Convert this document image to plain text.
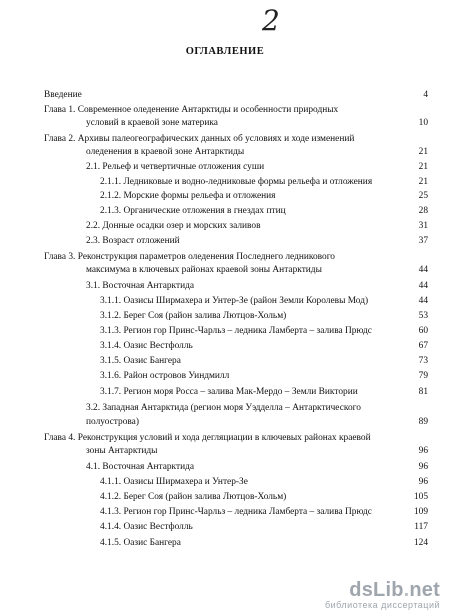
2
ОГЛАВЛЕНИЕ
Введение	4
Глава 1. Современное оледенение Антарктиды и особенности природных
условий в краевой зоне материка	10
Глава 2. Архивы палеогеографических данных об условиях и ходе изменений
оледенения в краевой зоне Антарктиды	21
2.1. Рельеф и четвертичные отложения суши	21
2.1.1. Ледниковые и водно-ледниковые формы рельефа и отложения	21
2.1.2. Морские формы рельефа и отложения	25
2.1.3. Органические отложения в гнездах птиц	28
2.2. Донные осадки озер и морских заливов	31
2.3. Возраст отложений	37
Глава 3. Реконструкция параметров оледенения Последнего ледникового
максимума в ключевых районах краевой зоны Антарктиды	44
3.1. Восточная Антарктида	44
3.1.1. Оазисы Ширмахера и Унтер-Зе (район Земли Королевы Мод)	44
3.1.2. Берег Соя (район залива Лютцов-Хольм)	53
3.1.3. Регион гор Принс-Чарльз – ледника Ламберта – залива Прюдс	60
3.1.4. Оазис Вестфолль	67
3.1.5. Оазис Бангера	73
3.1.6. Район островов Уиндмилл	79
3.1.7. Регион моря Росса – залива Мак-Мердо – Земли Виктории	81
3.2. Западная Антарктида (регион моря Уэдделла – Антарктического
полуострова)	89
Глава 4. Реконструкция условий и хода дегляциации в ключевых районах краевой
зоны Антарктиды	96
4.1. Восточная Антарктида	96
4.1.1. Оазисы Ширмахера и Унтер-Зе	96
4.1.2. Берег Соя (район залива Лютцов-Хольм)	105
4.1.3. Регион гор Принс-Чарльз – ледника Ламберта – залива Прюдс	109
4.1.4. Оазис Вестфолль	117
4.1.5. Оазис Бангера	124
dsLib.net
библиотека диссертаций
